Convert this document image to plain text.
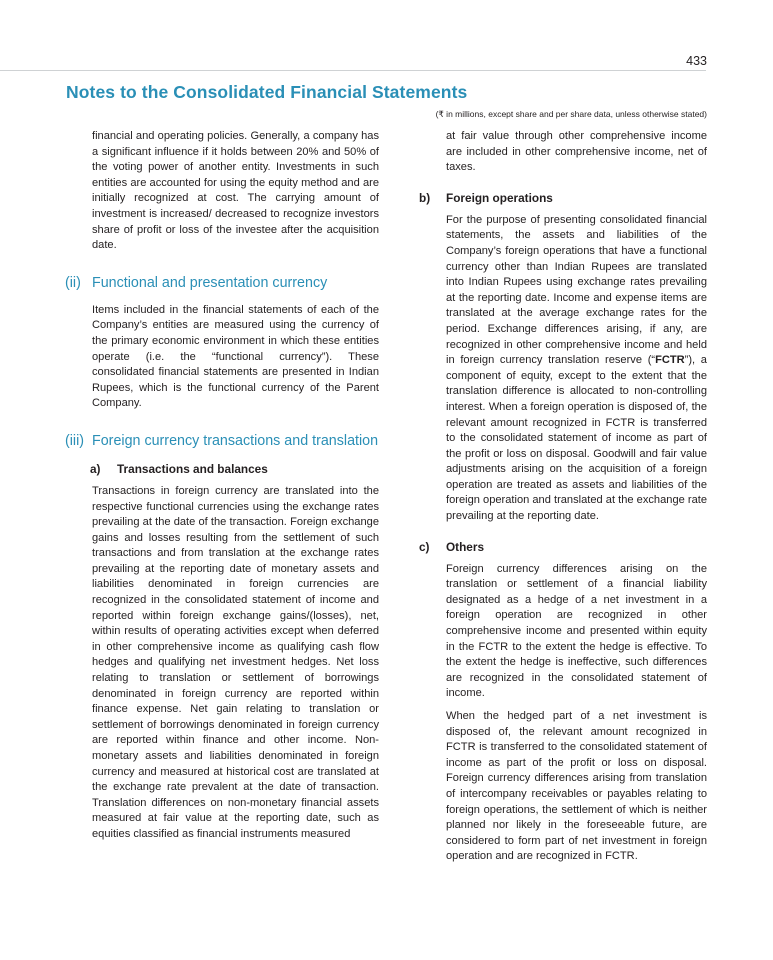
433
Notes to the Consolidated Financial Statements
(₹ in millions, except share and per share data, unless otherwise stated)

financial and operating policies. Generally, a company has a significant influence if it holds between 20% and 50% of the voting power of another entity. Investments in such entities are accounted for using the equity method and are initially recognized at cost. The carrying amount of investment is increased/ decreased to recognize investors share of profit or loss of the investee after the acquisition date.

(ii) Functional and presentation currency

Items included in the financial statements of each of the Company’s entities are measured using the currency of the primary economic environment in which these entities operate (i.e. the “functional currency”). These consolidated financial statements are presented in Indian Rupees, which is the functional currency of the Parent Company.

(iii) Foreign currency transactions and translation
a) Transactions and balances

Transactions in foreign currency are translated into the respective functional currencies using the exchange rates prevailing at the date of the transaction. Foreign exchange gains and losses resulting from the settlement of such transactions and from translation at the exchange rates prevailing at the reporting date of monetary assets and liabilities denominated in foreign currencies are recognized in the consolidated statement of income and reported within foreign exchange gains/(losses), net, within results of operating activities except when deferred in other comprehensive income as qualifying cash flow hedges and qualifying net investment hedges. Net loss relating to translation or settlement of borrowings denominated in foreign currency are reported within finance expense. Net gain relating to translation or settlement of borrowings denominated in foreign currency are reported within finance and other income. Non-monetary assets and liabilities denominated in foreign currency and measured at historical cost are translated at the exchange rate prevalent at the date of transaction. Translation differences on non-monetary financial assets measured at fair value at the reporting date, such as equities classified as financial instruments measured

at fair value through other comprehensive income are included in other comprehensive income, net of taxes.

b) Foreign operations

For the purpose of presenting consolidated financial statements, the assets and liabilities of the Company’s foreign operations that have a functional currency other than Indian Rupees are translated into Indian Rupees using exchange rates prevailing at the reporting date. Income and expense items are translated at the average exchange rates for the period. Exchange differences arising, if any, are recognized in other comprehensive income and held in foreign currency translation reserve (“FCTR”), a component of equity, except to the extent that the translation difference is allocated to non-controlling interest. When a foreign operation is disposed of, the relevant amount recognized in FCTR is transferred to the consolidated statement of income as part of the profit or loss on disposal. Goodwill and fair value adjustments arising on the acquisition of a foreign operation are treated as assets and liabilities of the foreign operation and translated at the exchange rate prevailing at the reporting date.

c) Others

Foreign currency differences arising on the translation or settlement of a financial liability designated as a hedge of a net investment in a foreign operation are recognized in other comprehensive income and presented within equity in the FCTR to the extent the hedge is effective. To the extent the hedge is ineffective, such differences are recognized in the consolidated statement of income.

When the hedged part of a net investment is disposed of, the relevant amount recognized in FCTR is transferred to the consolidated statement of income as part of the profit or loss on disposal. Foreign currency differences arising from translation of intercompany receivables or payables relating to foreign operations, the settlement of which is neither planned nor likely in the foreseeable future, are considered to form part of net investment in foreign operation and are recognized in FCTR.
